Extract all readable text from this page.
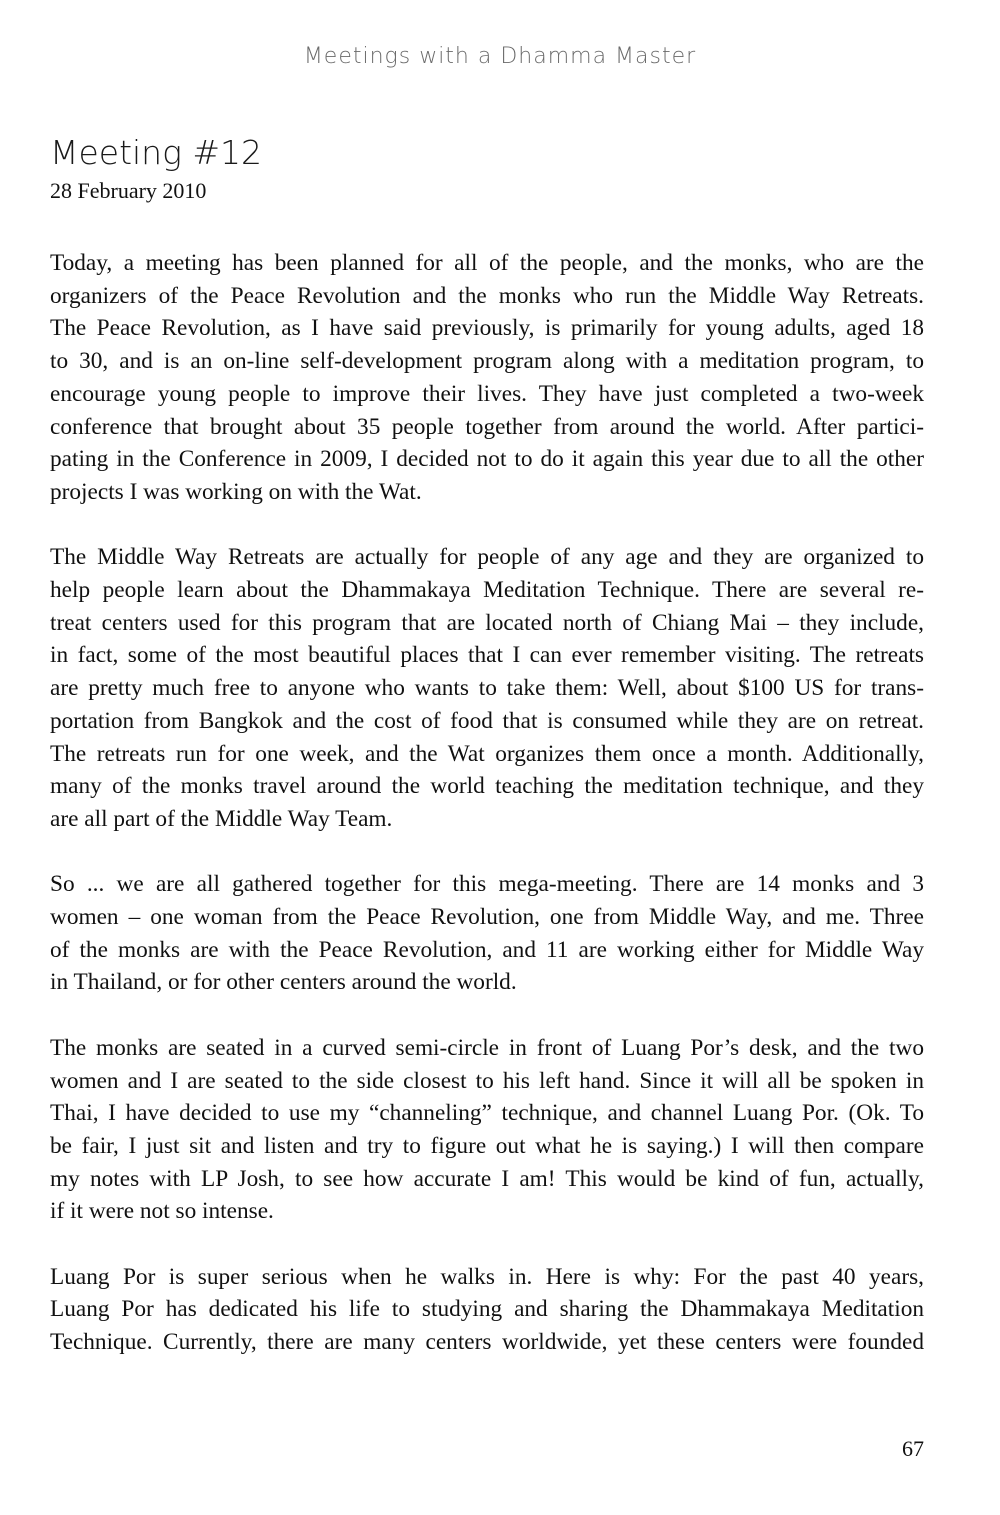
Meetings with a Dhamma Master
Meeting #12
28 February 2010
Today, a meeting has been planned for all of the people, and the monks, who are the
organizers of the Peace Revolution and the monks who run the Middle Way Retreats.
The Peace Revolution, as I have said previously, is primarily for young adults, aged 18
to 30, and is an on-line self-development program along with a meditation program, to
encourage young people to improve their lives. They have just completed a two-week
conference that brought about 35 people together from around the world. After partici-
pating in the Conference in 2009, I decided not to do it again this year due to all the other
projects I was working on with the Wat.
The Middle Way Retreats are actually for people of any age and they are organized to
help people learn about the Dhammakaya Meditation Technique. There are several re-
treat centers used for this program that are located north of Chiang Mai – they include,
in fact, some of the most beautiful places that I can ever remember visiting. The retreats
are pretty much free to anyone who wants to take them: Well, about $100 US for trans-
portation from Bangkok and the cost of food that is consumed while they are on retreat.
The retreats run for one week, and the Wat organizes them once a month. Additionally,
many of the monks travel around the world teaching the meditation technique, and they
are all part of the Middle Way Team.
So ... we are all gathered together for this mega-meeting. There are 14 monks and 3
women – one woman from the Peace Revolution, one from Middle Way, and me. Three
of the monks are with the Peace Revolution, and 11 are working either for Middle Way
in Thailand, or for other centers around the world.
The monks are seated in a curved semi-circle in front of Luang Por’s desk, and the two
women and I are seated to the side closest to his left hand. Since it will all be spoken in
Thai, I have decided to use my “channeling” technique, and channel Luang Por. (Ok. To
be fair, I just sit and listen and try to figure out what he is saying.) I will then compare
my notes with LP Josh, to see how accurate I am! This would be kind of fun, actually,
if it were not so intense.
Luang Por is super serious when he walks in. Here is why: For the past 40 years,
Luang Por has dedicated his life to studying and sharing the Dhammakaya Meditation
Technique. Currently, there are many centers worldwide, yet these centers were founded
67
